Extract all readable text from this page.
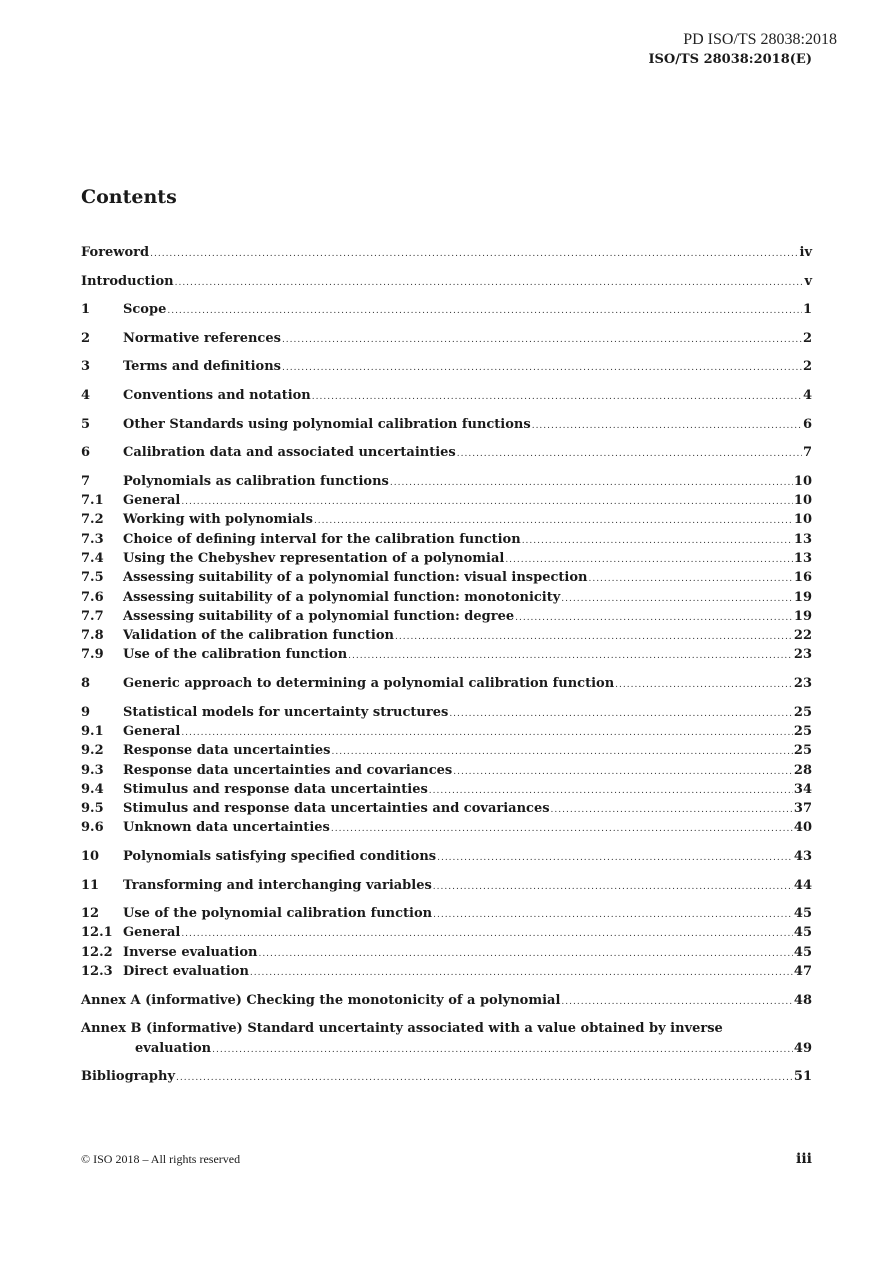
PD ISO/TS 28038:2018
ISO/TS 28038:2018(E)
Contents
Foreword .....	iv
Introduction .....	v
1	Scope .....	1
2	Normative references .....	2
3	Terms and definitions .....	2
4	Conventions and notation .....	4
5	Other Standards using polynomial calibration functions .....	6
6	Calibration data and associated uncertainties .....	7
7	Polynomials as calibration functions .....	10
7.1	General .....	10
7.2	Working with polynomials .....	10
7.3	Choice of defining interval for the calibration function .....	13
7.4	Using the Chebyshev representation of a polynomial .....	13
7.5	Assessing suitability of a polynomial function: visual inspection .....	16
7.6	Assessing suitability of a polynomial function: monotonicity .....	19
7.7	Assessing suitability of a polynomial function: degree .....	19
7.8	Validation of the calibration function .....	22
7.9	Use of the calibration function .....	23
8	Generic approach to determining a polynomial calibration function .....	23
9	Statistical models for uncertainty structures .....	25
9.1	General .....	25
9.2	Response data uncertainties .....	25
9.3	Response data uncertainties and covariances .....	28
9.4	Stimulus and response data uncertainties .....	34
9.5	Stimulus and response data uncertainties and covariances .....	37
9.6	Unknown data uncertainties .....	40
10	Polynomials satisfying specified conditions .....	43
11	Transforming and interchanging variables .....	44
12	Use of the polynomial calibration function .....	45
12.1 General .....	45
12.2 Inverse evaluation .....	45
12.3 Direct evaluation .....	47
Annex A (informative) Checking the monotonicity of a polynomial .....	48
Annex B (informative) Standard uncertainty associated with a value obtained by inverse
evaluation .....	49
Bibliography .....	51
© ISO 2018 – All rights reserved	iii
